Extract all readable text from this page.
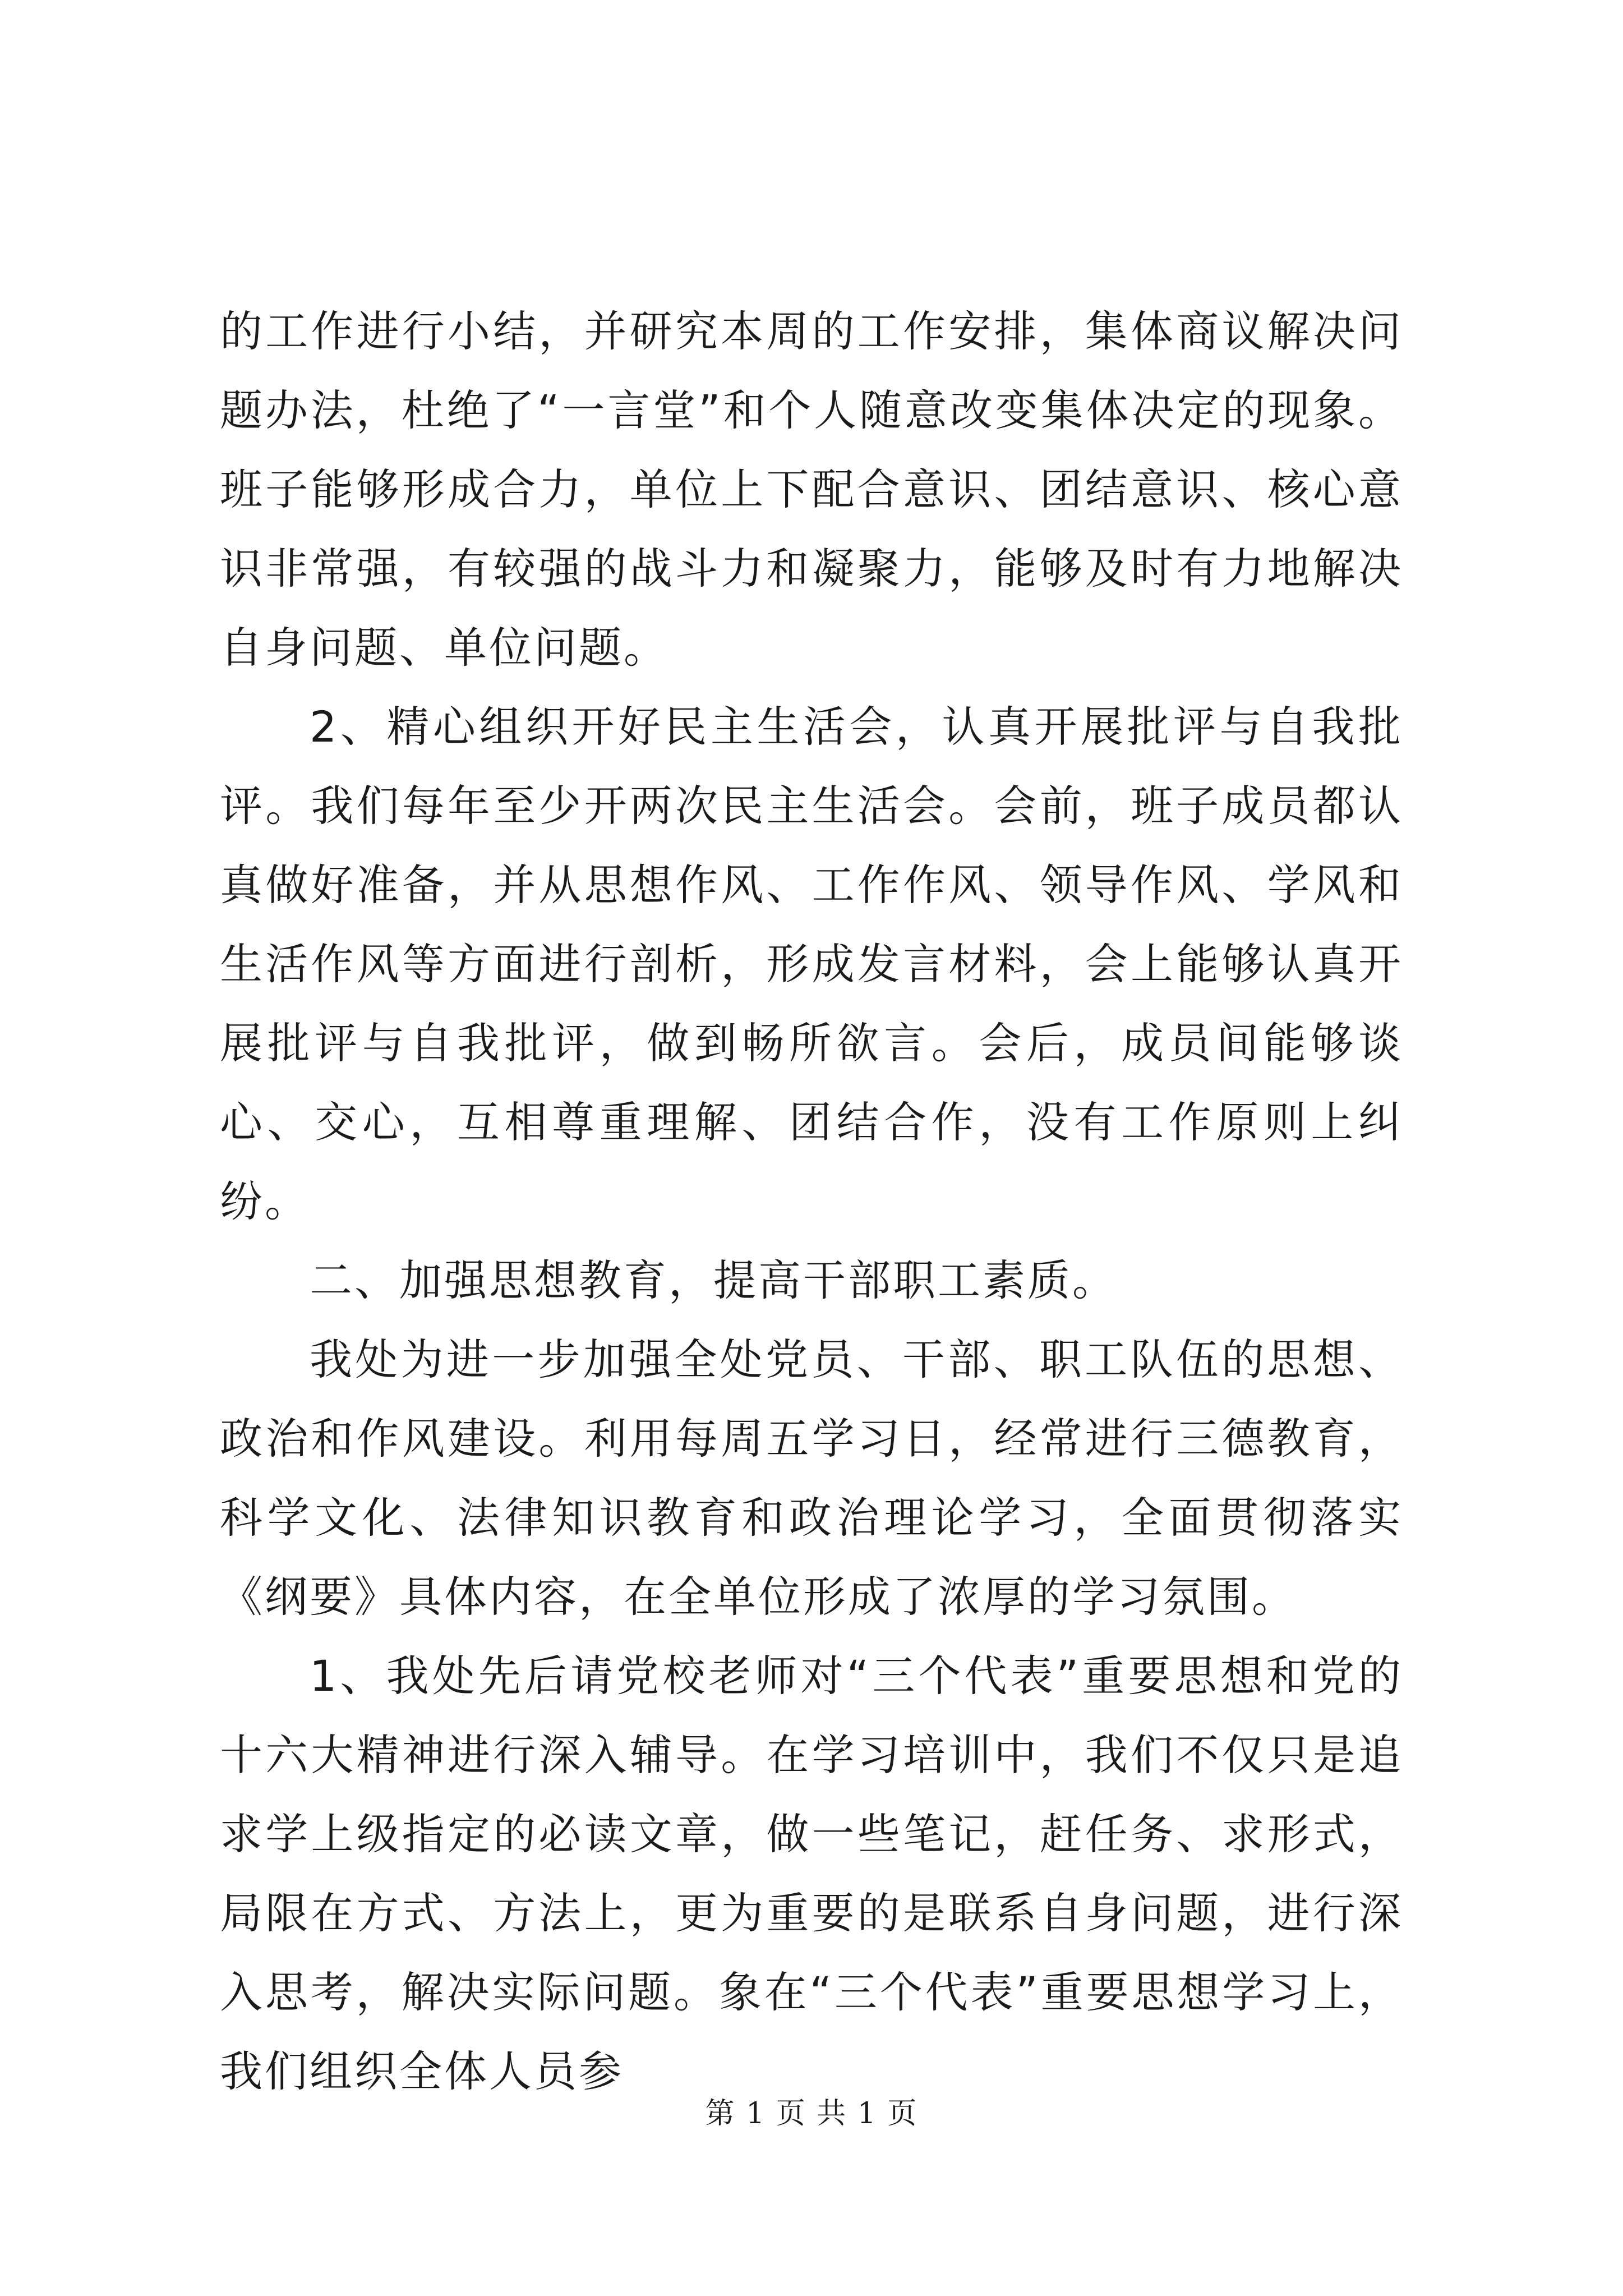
的工作进行小结，并研究本周的工作安排，集体商议解决问题办法，杜绝了“一言堂”和个人随意改变集体决定的现象。班子能够形成合力，单位上下配合意识、团结意识、核心意识非常强，有较强的战斗力和凝聚力，能够及时有力地解决自身问题、单位问题。

2、精心组织开好民主生活会，认真开展批评与自我批评。我们每年至少开两次民主生活会。会前，班子成员都认真做好准备，并从思想作风、工作作风、领导作风、学风和生活作风等方面进行剖析，形成发言材料，会上能够认真开展批评与自我批评，做到畅所欲言。会后，成员间能够谈心、交心，互相尊重理解、团结合作，没有工作原则上纠纷。

二、加强思想教育，提高干部职工素质。

我处为进一步加强全处党员、干部、职工队伍的思想、政治和作风建设。利用每周五学习日，经常进行三德教育，科学文化、法律知识教育和政治理论学习，全面贯彻落实《纲要》具体内容，在全单位形成了浓厚的学习氛围。

1、我处先后请党校老师对“三个代表”重要思想和党的十六大精神进行深入辅导。在学习培训中，我们不仅只是追求学上级指定的必读文章，做一些笔记，赶任务、求形式，局限在方式、方法上，更为重要的是联系自身问题，进行深入思考，解决实际问题。象在“三个代表”重要思想学习上，我们组织全体人员参

第 1 页 共 1 页
